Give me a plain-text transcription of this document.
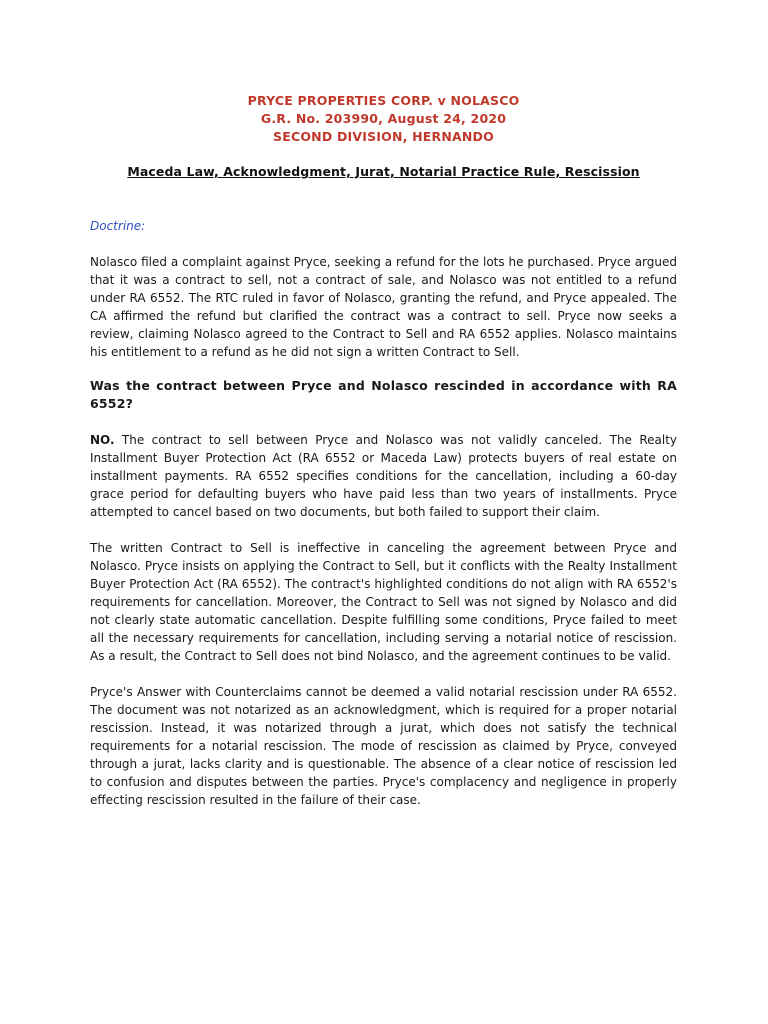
PRYCE PROPERTIES CORP. v NOLASCO
G.R. No. 203990, August 24, 2020
SECOND DIVISION, HERNANDO
Maceda Law, Acknowledgment, Jurat, Notarial Practice Rule, Rescission
Doctrine:

Nolasco filed a complaint against Pryce, seeking a refund for the lots he purchased. Pryce argued that it was a contract to sell, not a contract of sale, and Nolasco was not entitled to a refund under RA 6552. The RTC ruled in favor of Nolasco, granting the refund, and Pryce appealed. The CA affirmed the refund but clarified the contract was a contract to sell. Pryce now seeks a review, claiming Nolasco agreed to the Contract to Sell and RA 6552 applies. Nolasco maintains his entitlement to a refund as he did not sign a written Contract to Sell.

Was the contract between Pryce and Nolasco rescinded in accordance with RA 6552?

NO. The contract to sell between Pryce and Nolasco was not validly canceled. The Realty Installment Buyer Protection Act (RA 6552 or Maceda Law) protects buyers of real estate on installment payments. RA 6552 specifies conditions for the cancellation, including a 60-day grace period for defaulting buyers who have paid less than two years of installments. Pryce attempted to cancel based on two documents, but both failed to support their claim.

The written Contract to Sell is ineffective in canceling the agreement between Pryce and Nolasco. Pryce insists on applying the Contract to Sell, but it conflicts with the Realty Installment Buyer Protection Act (RA 6552). The contract's highlighted conditions do not align with RA 6552's requirements for cancellation. Moreover, the Contract to Sell was not signed by Nolasco and did not clearly state automatic cancellation. Despite fulfilling some conditions, Pryce failed to meet all the necessary requirements for cancellation, including serving a notarial notice of rescission. As a result, the Contract to Sell does not bind Nolasco, and the agreement continues to be valid.

Pryce's Answer with Counterclaims cannot be deemed a valid notarial rescission under RA 6552. The document was not notarized as an acknowledgment, which is required for a proper notarial rescission. Instead, it was notarized through a jurat, which does not satisfy the technical requirements for a notarial rescission. The mode of rescission as claimed by Pryce, conveyed through a jurat, lacks clarity and is questionable. The absence of a clear notice of rescission led to confusion and disputes between the parties. Pryce's complacency and negligence in properly effecting rescission resulted in the failure of their case.
